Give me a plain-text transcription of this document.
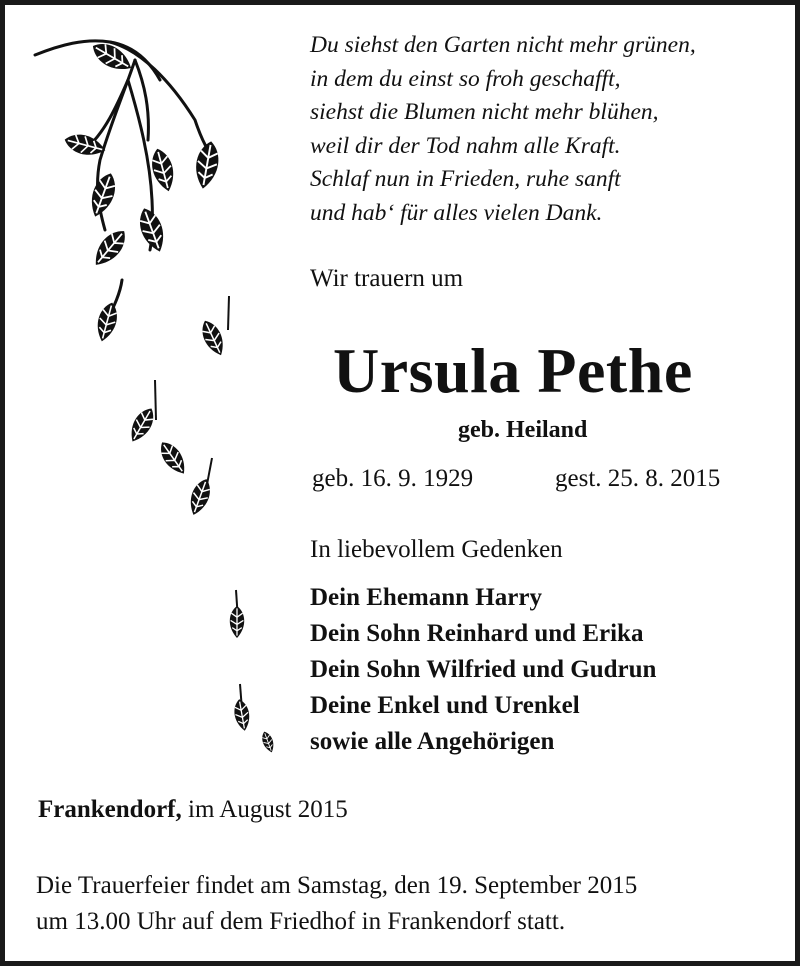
Du siehst den Garten nicht mehr grünen,
in dem du einst so froh geschafft,
siehst die Blumen nicht mehr blühen,
weil dir der Tod nahm alle Kraft.
Schlaf nun in Frieden, ruhe sanft
und hab‘ für alles vielen Dank.
Wir trauern um
Ursula Pethe
geb. Heiland
geb. 16. 9. 1929	gest. 25. 8. 2015
In liebevollem Gedenken
Dein Ehemann Harry
Dein Sohn Reinhard und Erika
Dein Sohn Wilfried und Gudrun
Deine Enkel und Urenkel
sowie alle Angehörigen
Frankendorf, im August 2015
Die Trauerfeier findet am Samstag, den 19. September 2015
um 13.00 Uhr auf dem Friedhof in Frankendorf statt.
